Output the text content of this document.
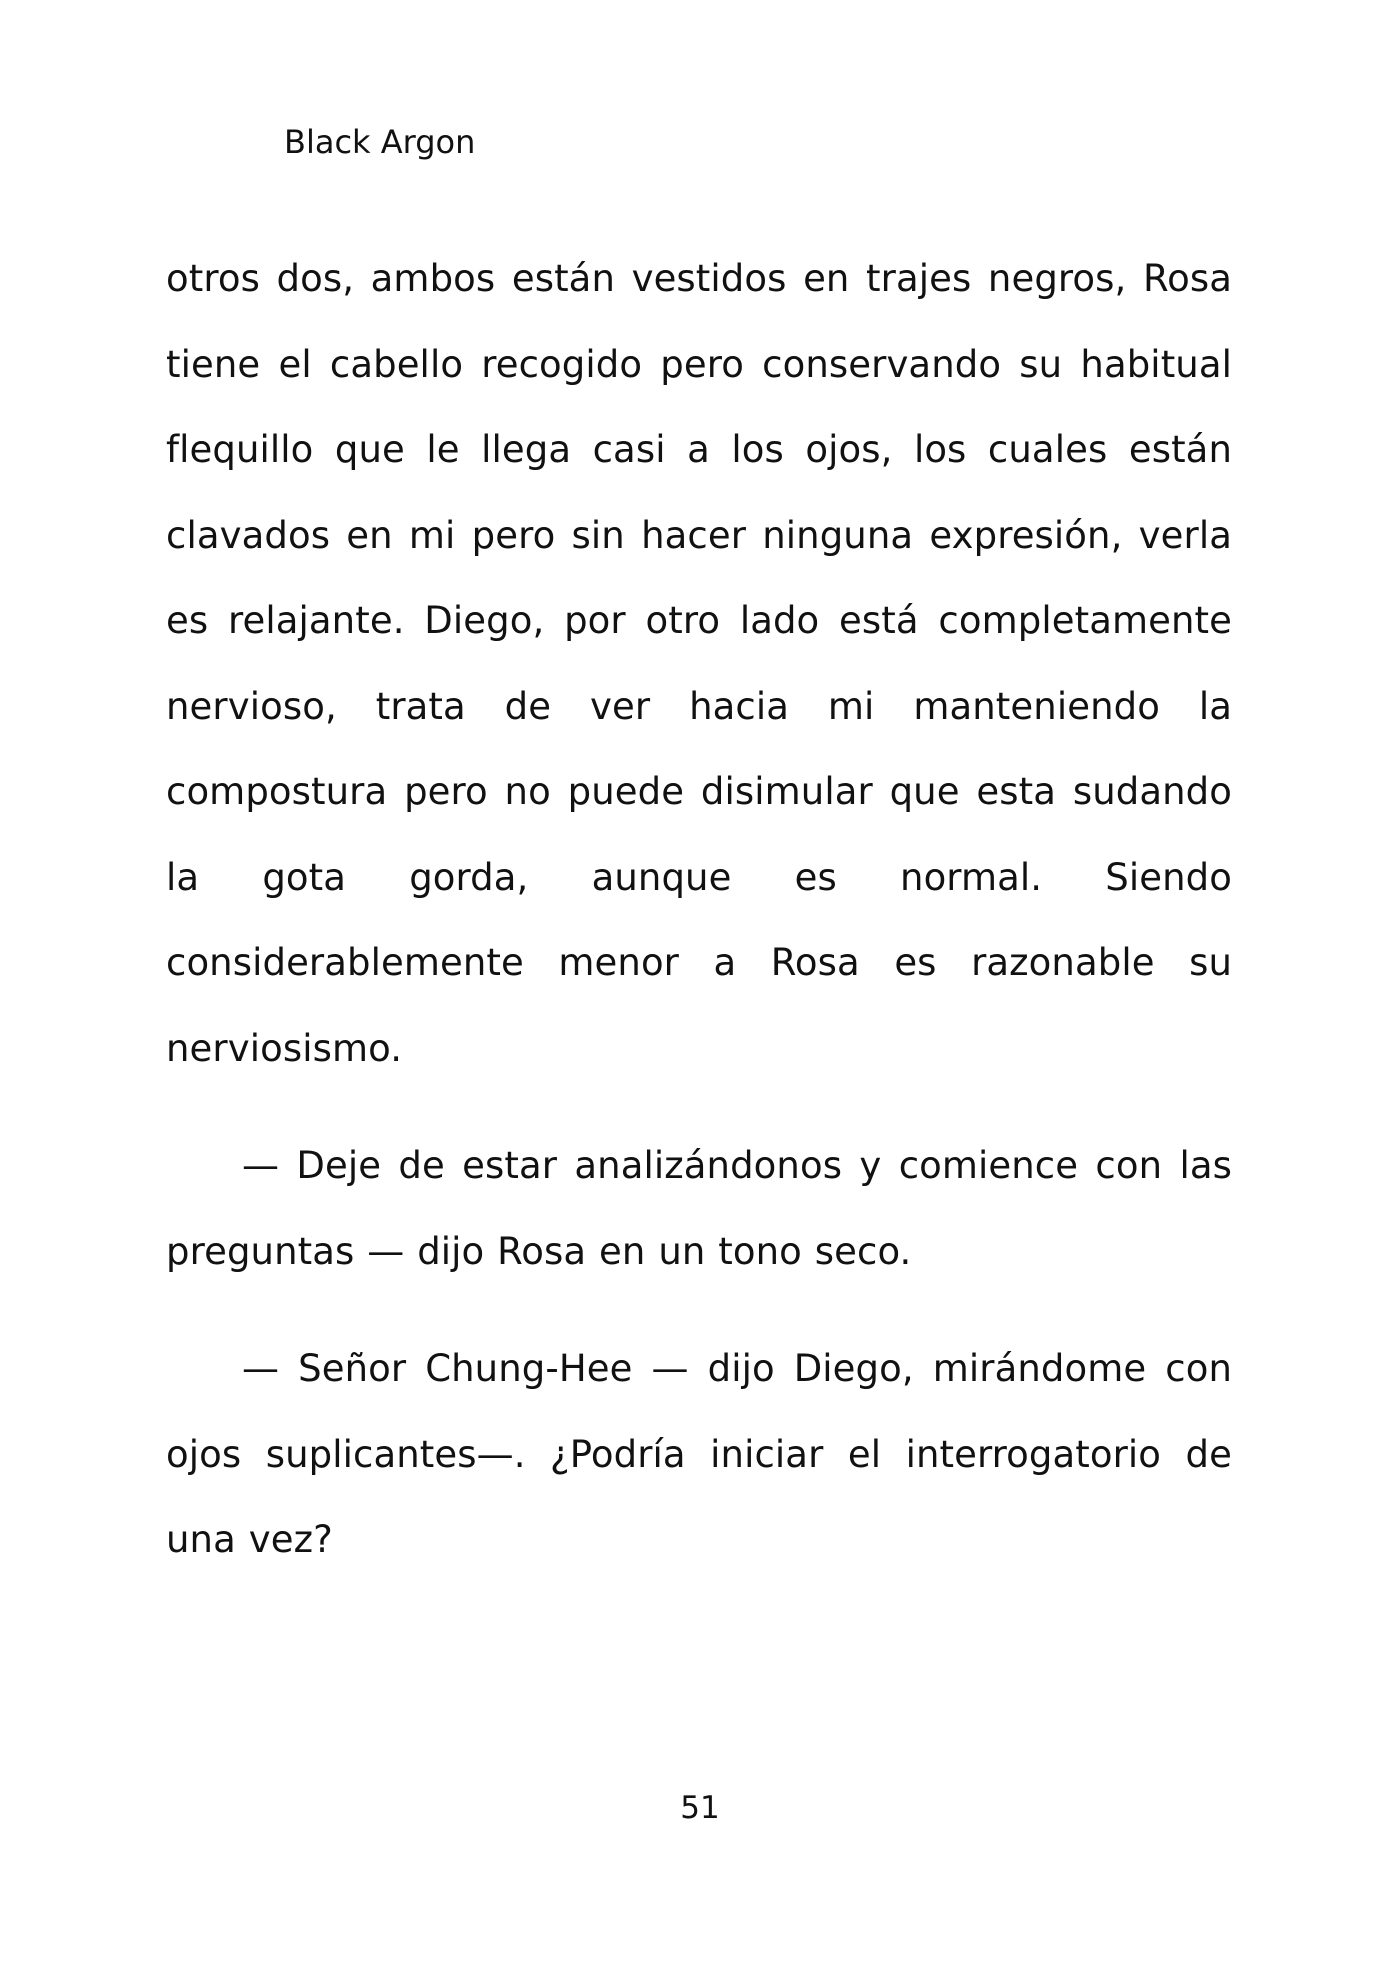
Black Argon

otros dos, ambos están vestidos en trajes negros, Rosa tiene el cabello recogido pero conservando su habitual flequillo que le llega casi a los ojos, los cuales están clavados en mi pero sin hacer ninguna expresión, verla es relajante. Diego, por otro lado está completamente nervioso, trata de ver hacia mi manteniendo la compostura pero no puede disimular que esta sudando la gota gorda, aunque es normal. Siendo considerablemente menor a Rosa es razonable su nerviosismo.

— Deje de estar analizándonos y comience con las preguntas — dijo Rosa en un tono seco.

— Señor Chung-Hee — dijo Diego, mirándome con ojos suplicantes—. ¿Podría iniciar el interrogatorio de una vez?

51
